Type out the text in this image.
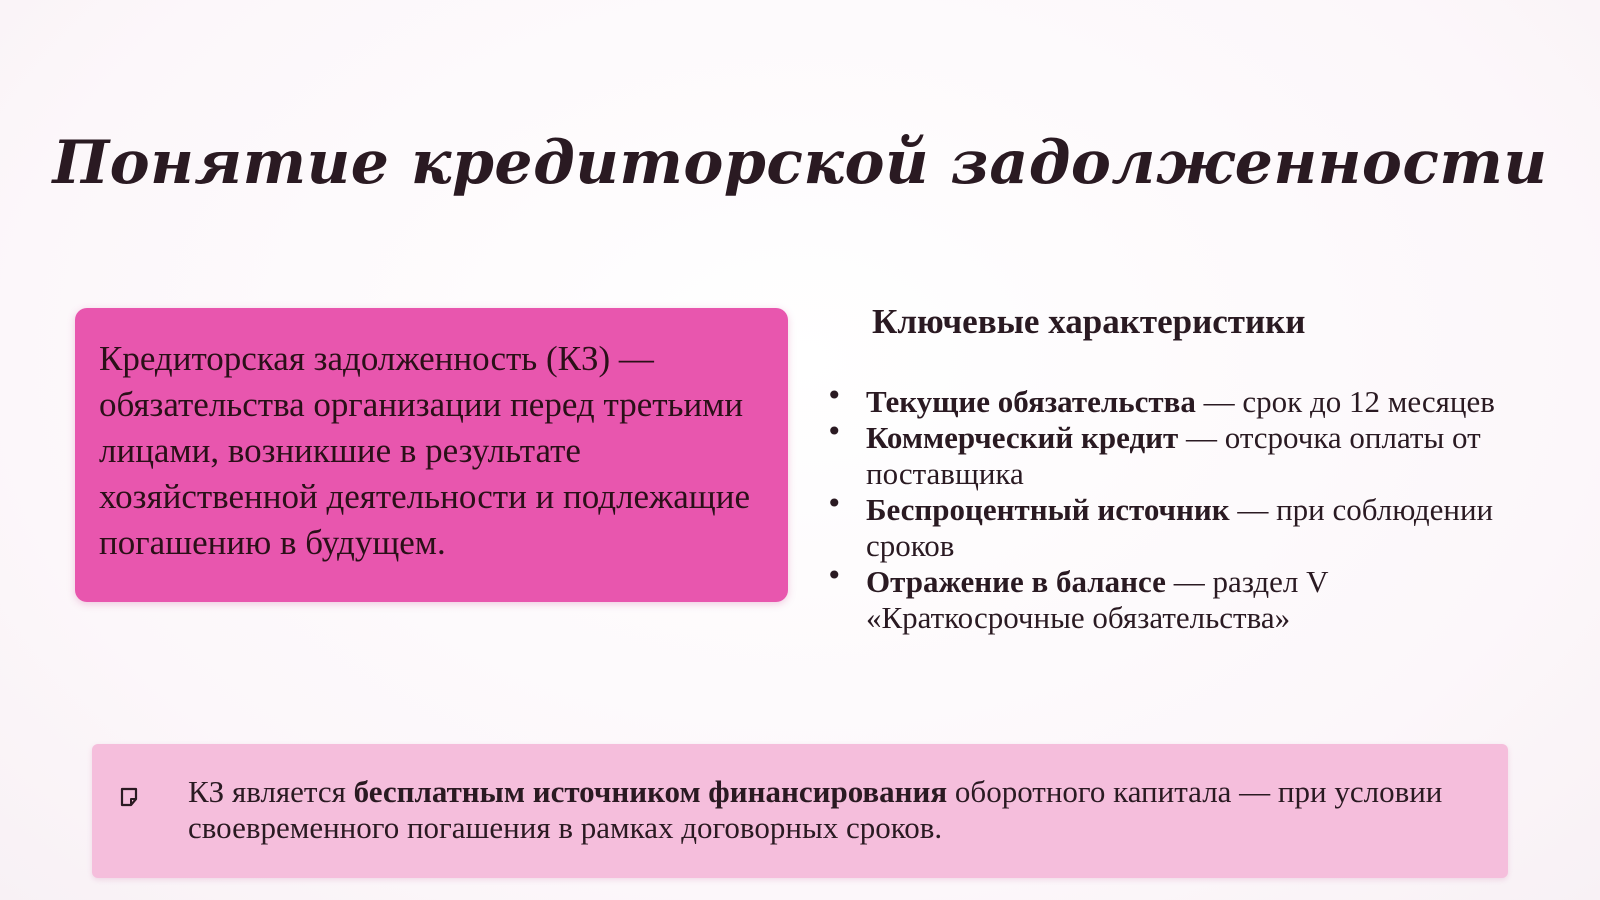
Понятие кредиторской задолженности

Кредиторская задолженность (КЗ) — обязательства организации перед третьими лицами, возникшие в результате хозяйственной деятельности и подлежащие погашению в будущем.

Ключевые характеристики
• Текущие обязательства — срок до 12 месяцев
• Коммерческий кредит — отсрочка оплаты от поставщика
• Беспроцентный источник — при соблюдении сроков
• Отражение в балансе — раздел V «Краткосрочные обязательства»

КЗ является бесплатным источником финансирования оборотного капитала — при условии своевременного погашения в рамках договорных сроков.
